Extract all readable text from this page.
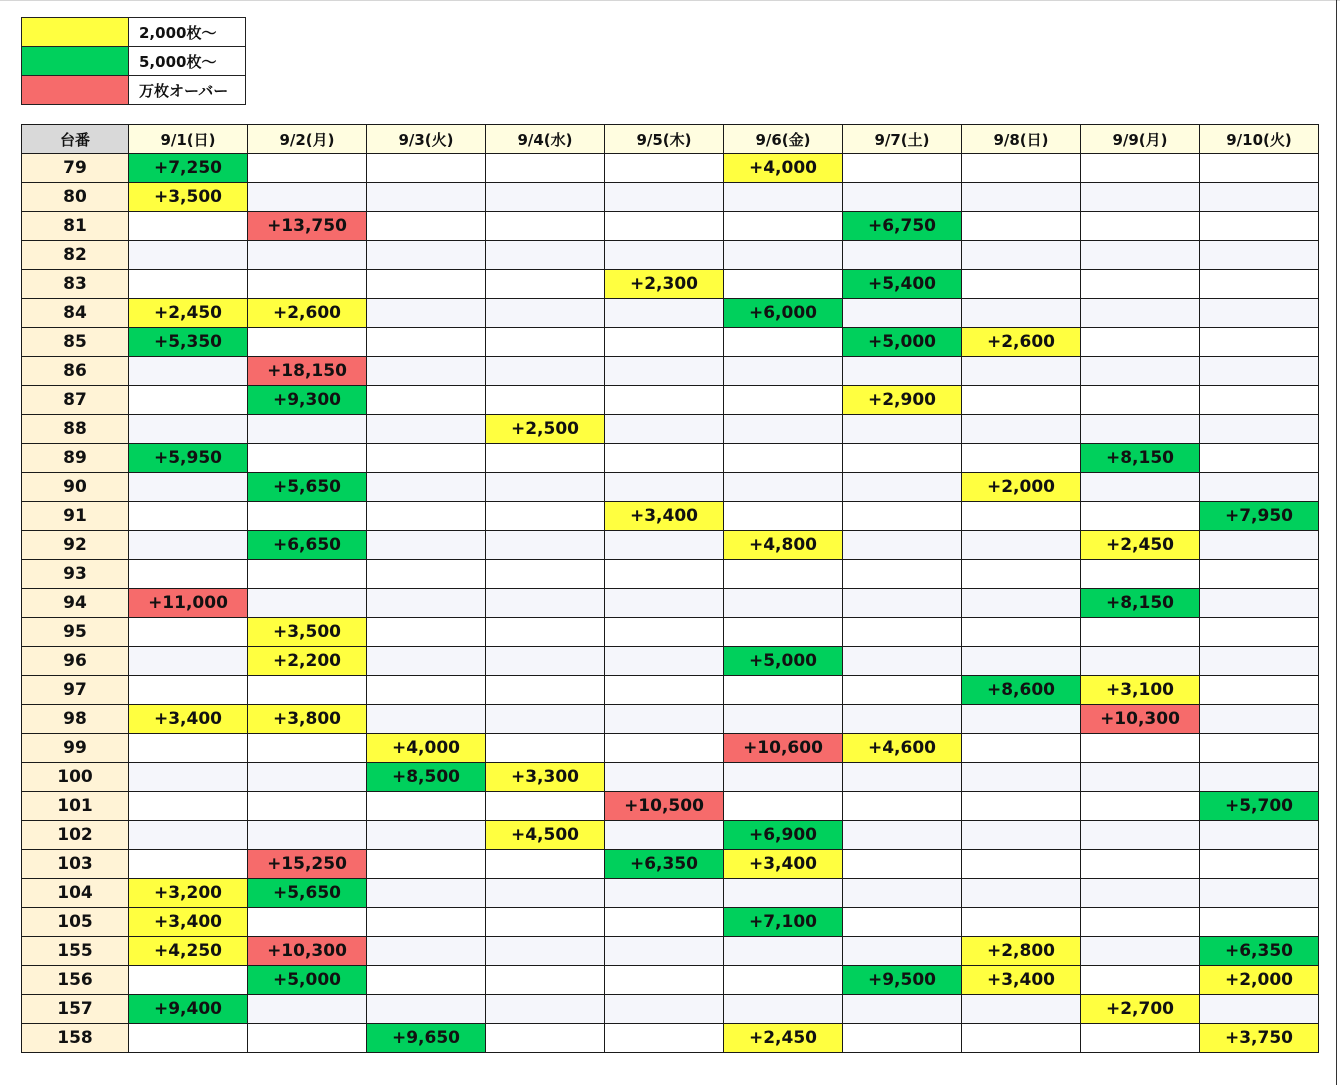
	2,000枚～
	5,000枚～
	万枚オーバー
台番	9/1(日)	9/2(月)	9/3(火)	9/4(水)	9/5(木)	9/6(金)	9/7(土)	9/8(日)	9/9(月)	9/10(火)
79	+7,250					+4,000				
80	+3,500									
81		+13,750					+6,750			
82										
83					+2,300		+5,400			
84	+2,450	+2,600				+6,000				
85	+5,350						+5,000	+2,600		
86		+18,150								
87		+9,300					+2,900			
88				+2,500						
89	+5,950								+8,150	
90		+5,650						+2,000		
91					+3,400					+7,950
92		+6,650				+4,800			+2,450	
93										
94	+11,000								+8,150	
95		+3,500								
96		+2,200				+5,000				
97								+8,600	+3,100	
98	+3,400	+3,800							+10,300	
99			+4,000			+10,600	+4,600			
100			+8,500	+3,300						
101					+10,500					+5,700
102				+4,500		+6,900				
103		+15,250			+6,350	+3,400				
104	+3,200	+5,650								
105	+3,400					+7,100				
155	+4,250	+10,300						+2,800		+6,350
156		+5,000					+9,500	+3,400		+2,000
157	+9,400								+2,700	
158			+9,650			+2,450				+3,750
